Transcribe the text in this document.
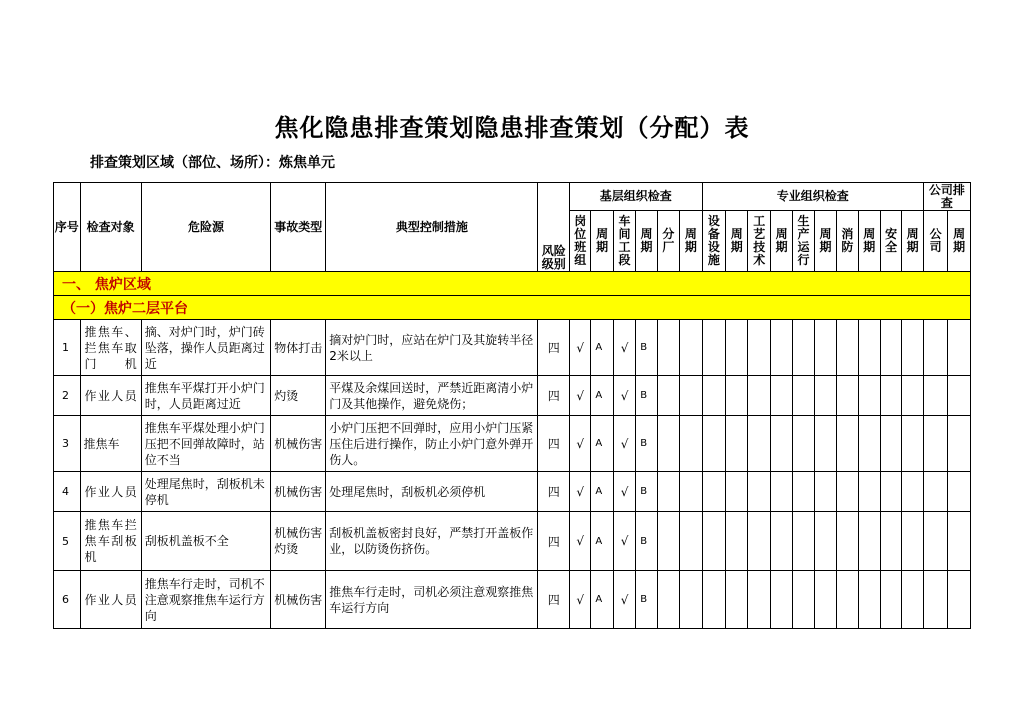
焦化隐患排查策划隐患排查策划（分配）表
排查策划区域（部位、场所）：炼焦单元
序号	检查对象	危险源	事故类型	典型控制措施	风险级别	基层组织检查						专业组织检查										公司排查	
						岗位班组	周期	车间工段	周期	分厂	周期	设备设施	周期	工艺技术	周期	生产运行	周期	消防	周期	安全	周期	公司	周期
一、 焦炉区域																							
（一）焦炉二层平台																							
1	推焦车、拦焦车取门机	摘、对炉门时，炉门砖坠落，操作人员距离过近	物体打击	摘对炉门时，应站在炉门及其旋转半径 2米以上	四	√	A	√	B														
2	作业人员	推焦车平煤打开小炉门时，人员距离过近	灼烫	平煤及余煤回送时，严禁近距离清小炉门及其他操作，避免烧伤；	四	√	A	√	B														
3	推焦车	推焦车平煤处理小炉门压把不回弹故障时，站位不当	机械伤害	小炉门压把不回弹时，应用小炉门压紧压住后进行操作，防止小炉门意外弹开伤人。	四	√	A	√	B														
4	作业人员	处理尾焦时，刮板机未停机	机械伤害	处理尾焦时，刮板机必须停机	四	√	A	√	B														
5	推焦车拦焦车刮板机	刮板机盖板不全	机械伤害灼烫	刮板机盖板密封良好，严禁打开盖板作业，以防烫伤挤伤。	四	√	A	√	B														
6	作业人员	推焦车行走时，司机不注意观察推焦车运行方向	机械伤害	推焦车行走时，司机必须注意观察推焦车运行方向	四	√	A	√	B														
